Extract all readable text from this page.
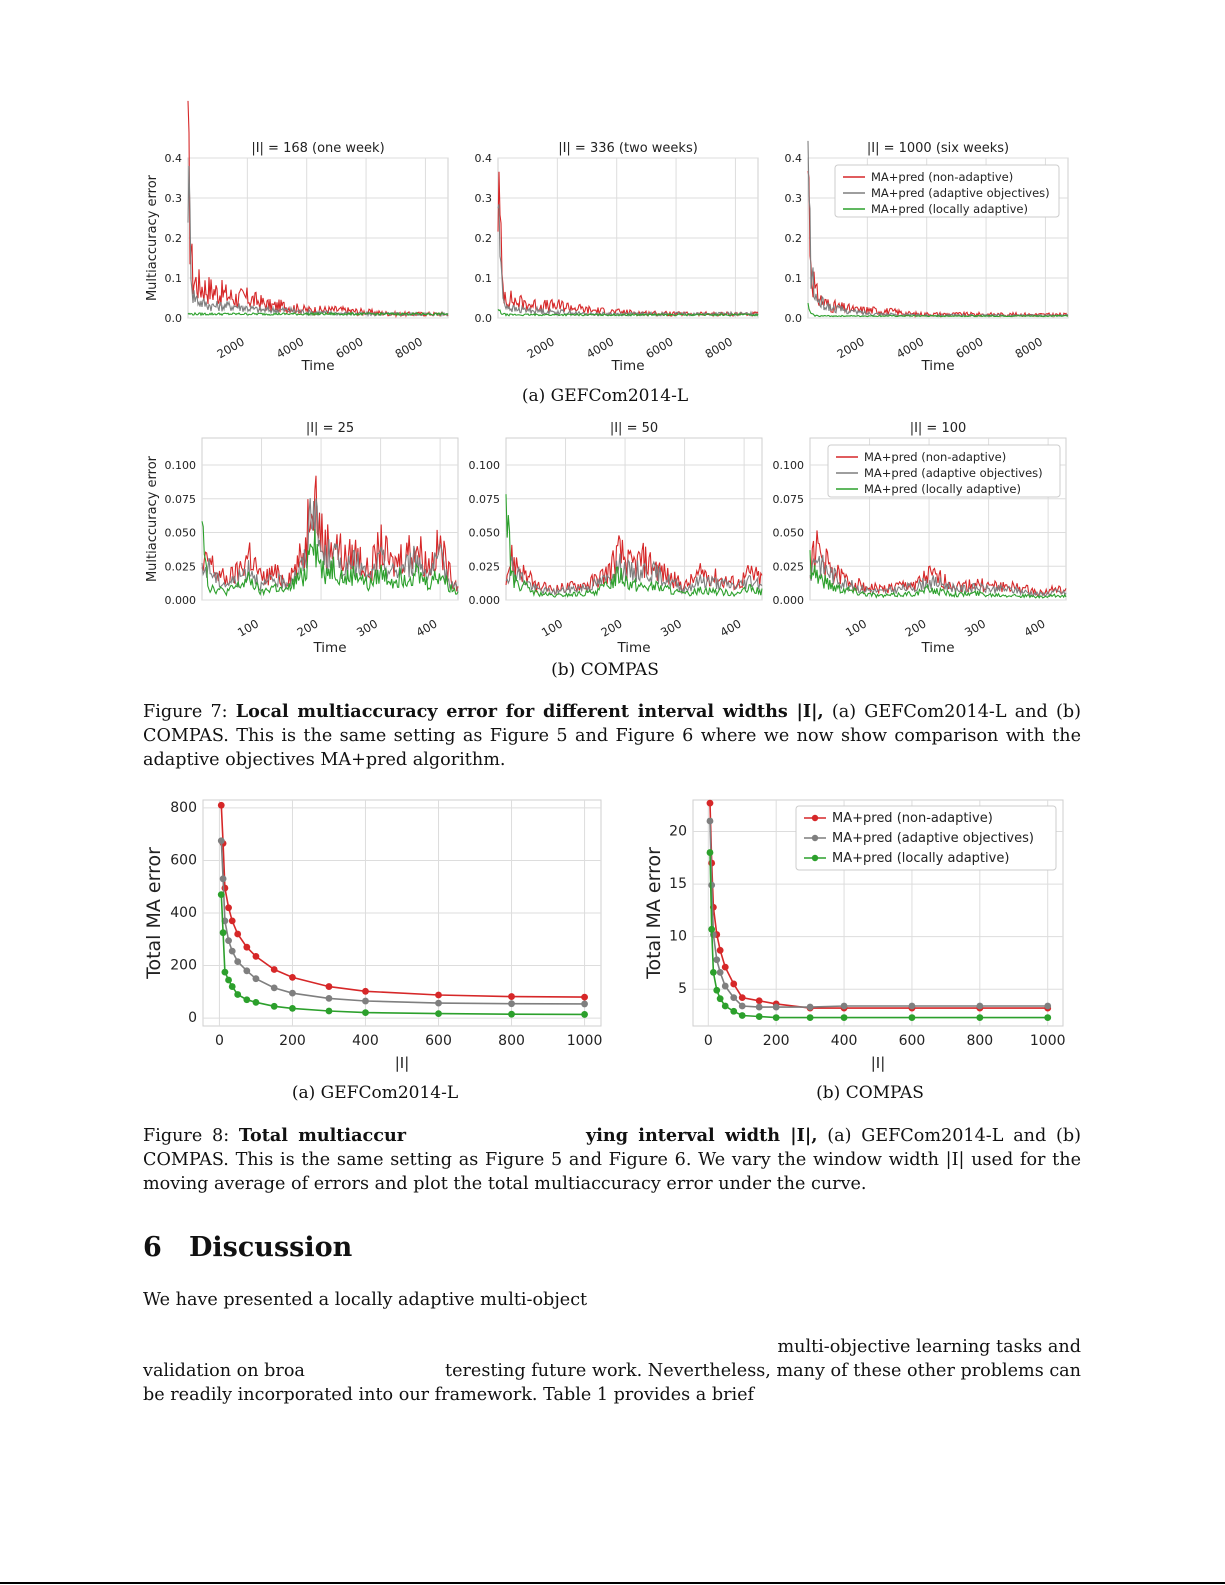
2000 4000 6000 8000
0.0
0.1
0.2
0.3
0.4
|I| = 168 (one week)
Time
Multiaccuracy error
2000 4000 6000 8000
0.0
0.1
0.2
0.3
0.4
|I| = 336 (two weeks)
Time
2000 4000 6000 8000
0.0
0.1
0.2
0.3
0.4
|I| = 1000 (six weeks)
Time
MA+pred (non-adaptive)
MA+pred (adaptive objectives)
MA+pred (locally adaptive)
100	200	300	400
0.000
0.025
0.050
0.075
0.100
|I| = 25
Time
Multiaccuracy error
100	200	300	400
0.000
0.025
0.050
0.075
0.100
|I| = 50
Time
100	200	300	400
0.000
0.025
0.050
0.075
0.100
|I| = 100
Time
MA+pred (non-adaptive)
MA+pred (adaptive objectives)
MA+pred (locally adaptive)
0	200	400	600	800	1000
0
200
400
600
800
|I|
Total MA error
0	200	400	600	800	1000
5
10
15
20
|I|
Total MA error
MA+pred (non-adaptive)
MA+pred (adaptive objectives)
MA+pred (locally adaptive)
(a) GEFCom2014-L
(b) COMPAS
Figure 7: Local multiaccuracy error for different interval widths |I|, (a) GEFCom2014-L and (b) COMPAS. This is the same setting as Figure 5 and Figure 6 where we now show comparison with the adaptive objectives MA+pred algorithm.
(a) GEFCom2014-L	(b) COMPAS
Figure 8: Total multiaccur	ying interval width |I|, (a) GEFCom2014-L and (b) COMPAS. This is the same setting as Figure 5 and Figure 6. We vary the window width |I| used for the moving average of errors and plot the total multiaccuracy error under the curve.
6 Discussion
We have presented a locally adaptive multi-object
multi-objective learning tasks and
validation on broa	teresting future work. Nevertheless, many of these other problems can
be readily incorporated into our framework. Table 1 provides a brief
